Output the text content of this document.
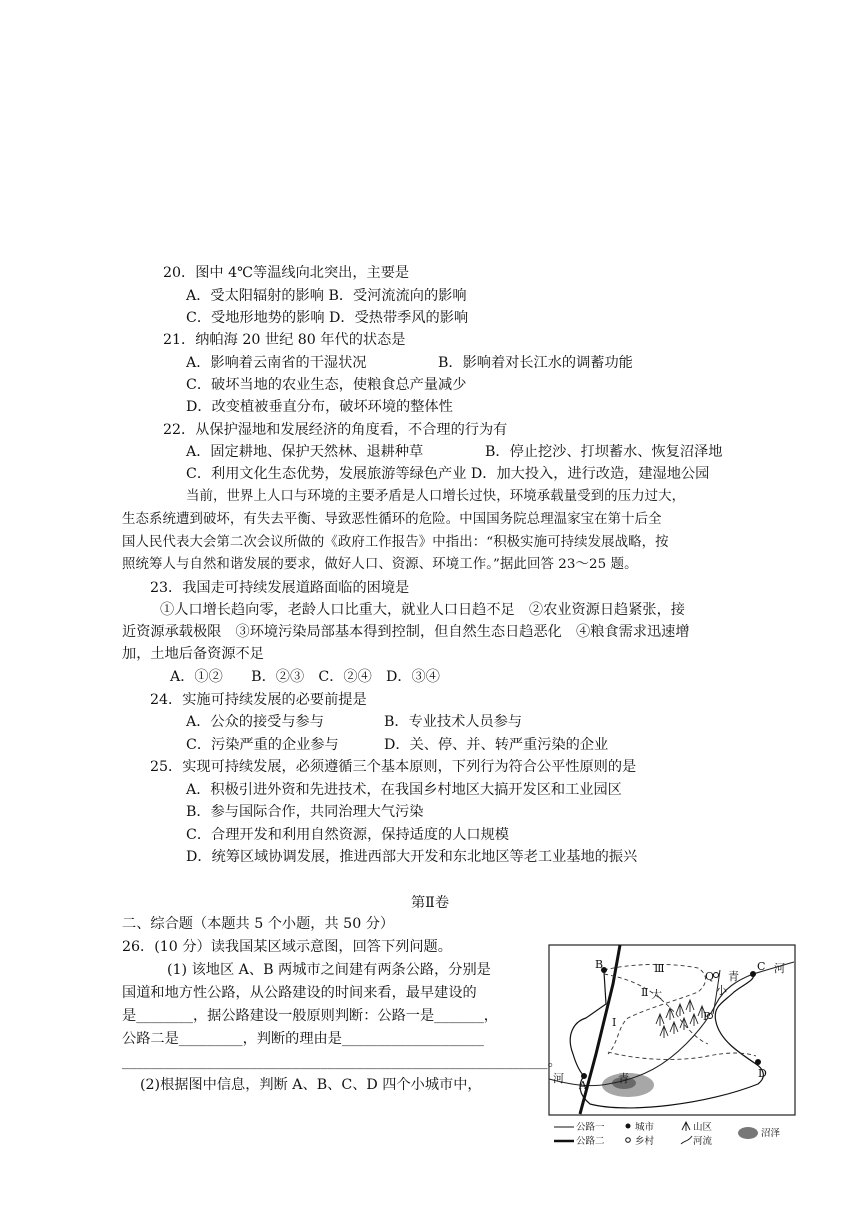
20．图中 4℃等温线向北突出，主要是
A．受太阳辐射的影响 B．受河流流向的影响
C．受地形地势的影响 D．受热带季风的影响
21．纳帕海 20 世纪 80 年代的状态是
A．影响着云南省的干湿状况	B．影响着对长江水的调蓄功能
C．破坏当地的农业生态，使粮食总产量减少
D．改变植被垂直分布，破坏环境的整体性
22．从保护湿地和发展经济的角度看，不合理的行为有
A．固定耕地、保护天然林、退耕种草	B．停止挖沙、打坝蓄水、恢复沼泽地
C．利用文化生态优势，发展旅游等绿色产业 D．加大投入，进行改造，建湿地公园
当前，世界上人口与环境的主要矛盾是人口增长过快，环境承载量受到的压力过大，
生态系统遭到破坏，有失去平衡、导致恶性循环的危险。中国国务院总理温家宝在第十后全
国人民代表大会第二次会议所做的《政府工作报告》中指出：“积极实施可持续发展战略，按
照统筹人与自然和谐发展的要求，做好人口、资源、环境工作。”据此回答 23～25 题。
23．我国走可持续发展道路面临的困境是
①人口增长趋向零，老龄人口比重大，就业人口日趋不足　②农业资源日趋紧张，接
近资源承载极限　③环境污染局部基本得到控制，但自然生态日趋恶化　④粮食需求迅速增
加，土地后备资源不足
A．①②　　B．②③　C．②④　D．③④
24．实施可持续发展的必要前提是
A．公众的接受与参与	B．专业技术人员参与
C．污染严重的企业参与	D．关、停、并、转严重污染的企业
25．实现可持续发展，必须遵循三个基本原则，下列行为符合公平性原则的是
A．积极引进外资和先进技术，在我国乡村地区大搞开发区和工业园区
B．参与国际合作，共同治理大气污染
C．合理开发和利用自然资源，保持适度的人口规模
D．统筹区域协调发展，推进西部大开发和东北地区等老工业基地的振兴
第Ⅱ卷
二、综合题（本题共 5 个小题，共 50 分）
26．(10 分）读我国某区域示意图，回答下列问题。
(1) 该地区 A、B 两城市之间建有两条公路，分别是
国道和地方性公路，从公路建设的时间来看，最早建设的
是________，据公路建设一般原则判断：公路一是_______，
公路二是_________，判断的理由是____________________
____________________________________________________________。
(2)根据图中信息，判断 A、B、C、D 四个小城市中，
B
A
C
D
Q
P
Ⅲ
Ⅱ
Ⅰ
青
青
小
大
河
河
公路一
公路二
城市
乡村
山区
河流
沼泽
